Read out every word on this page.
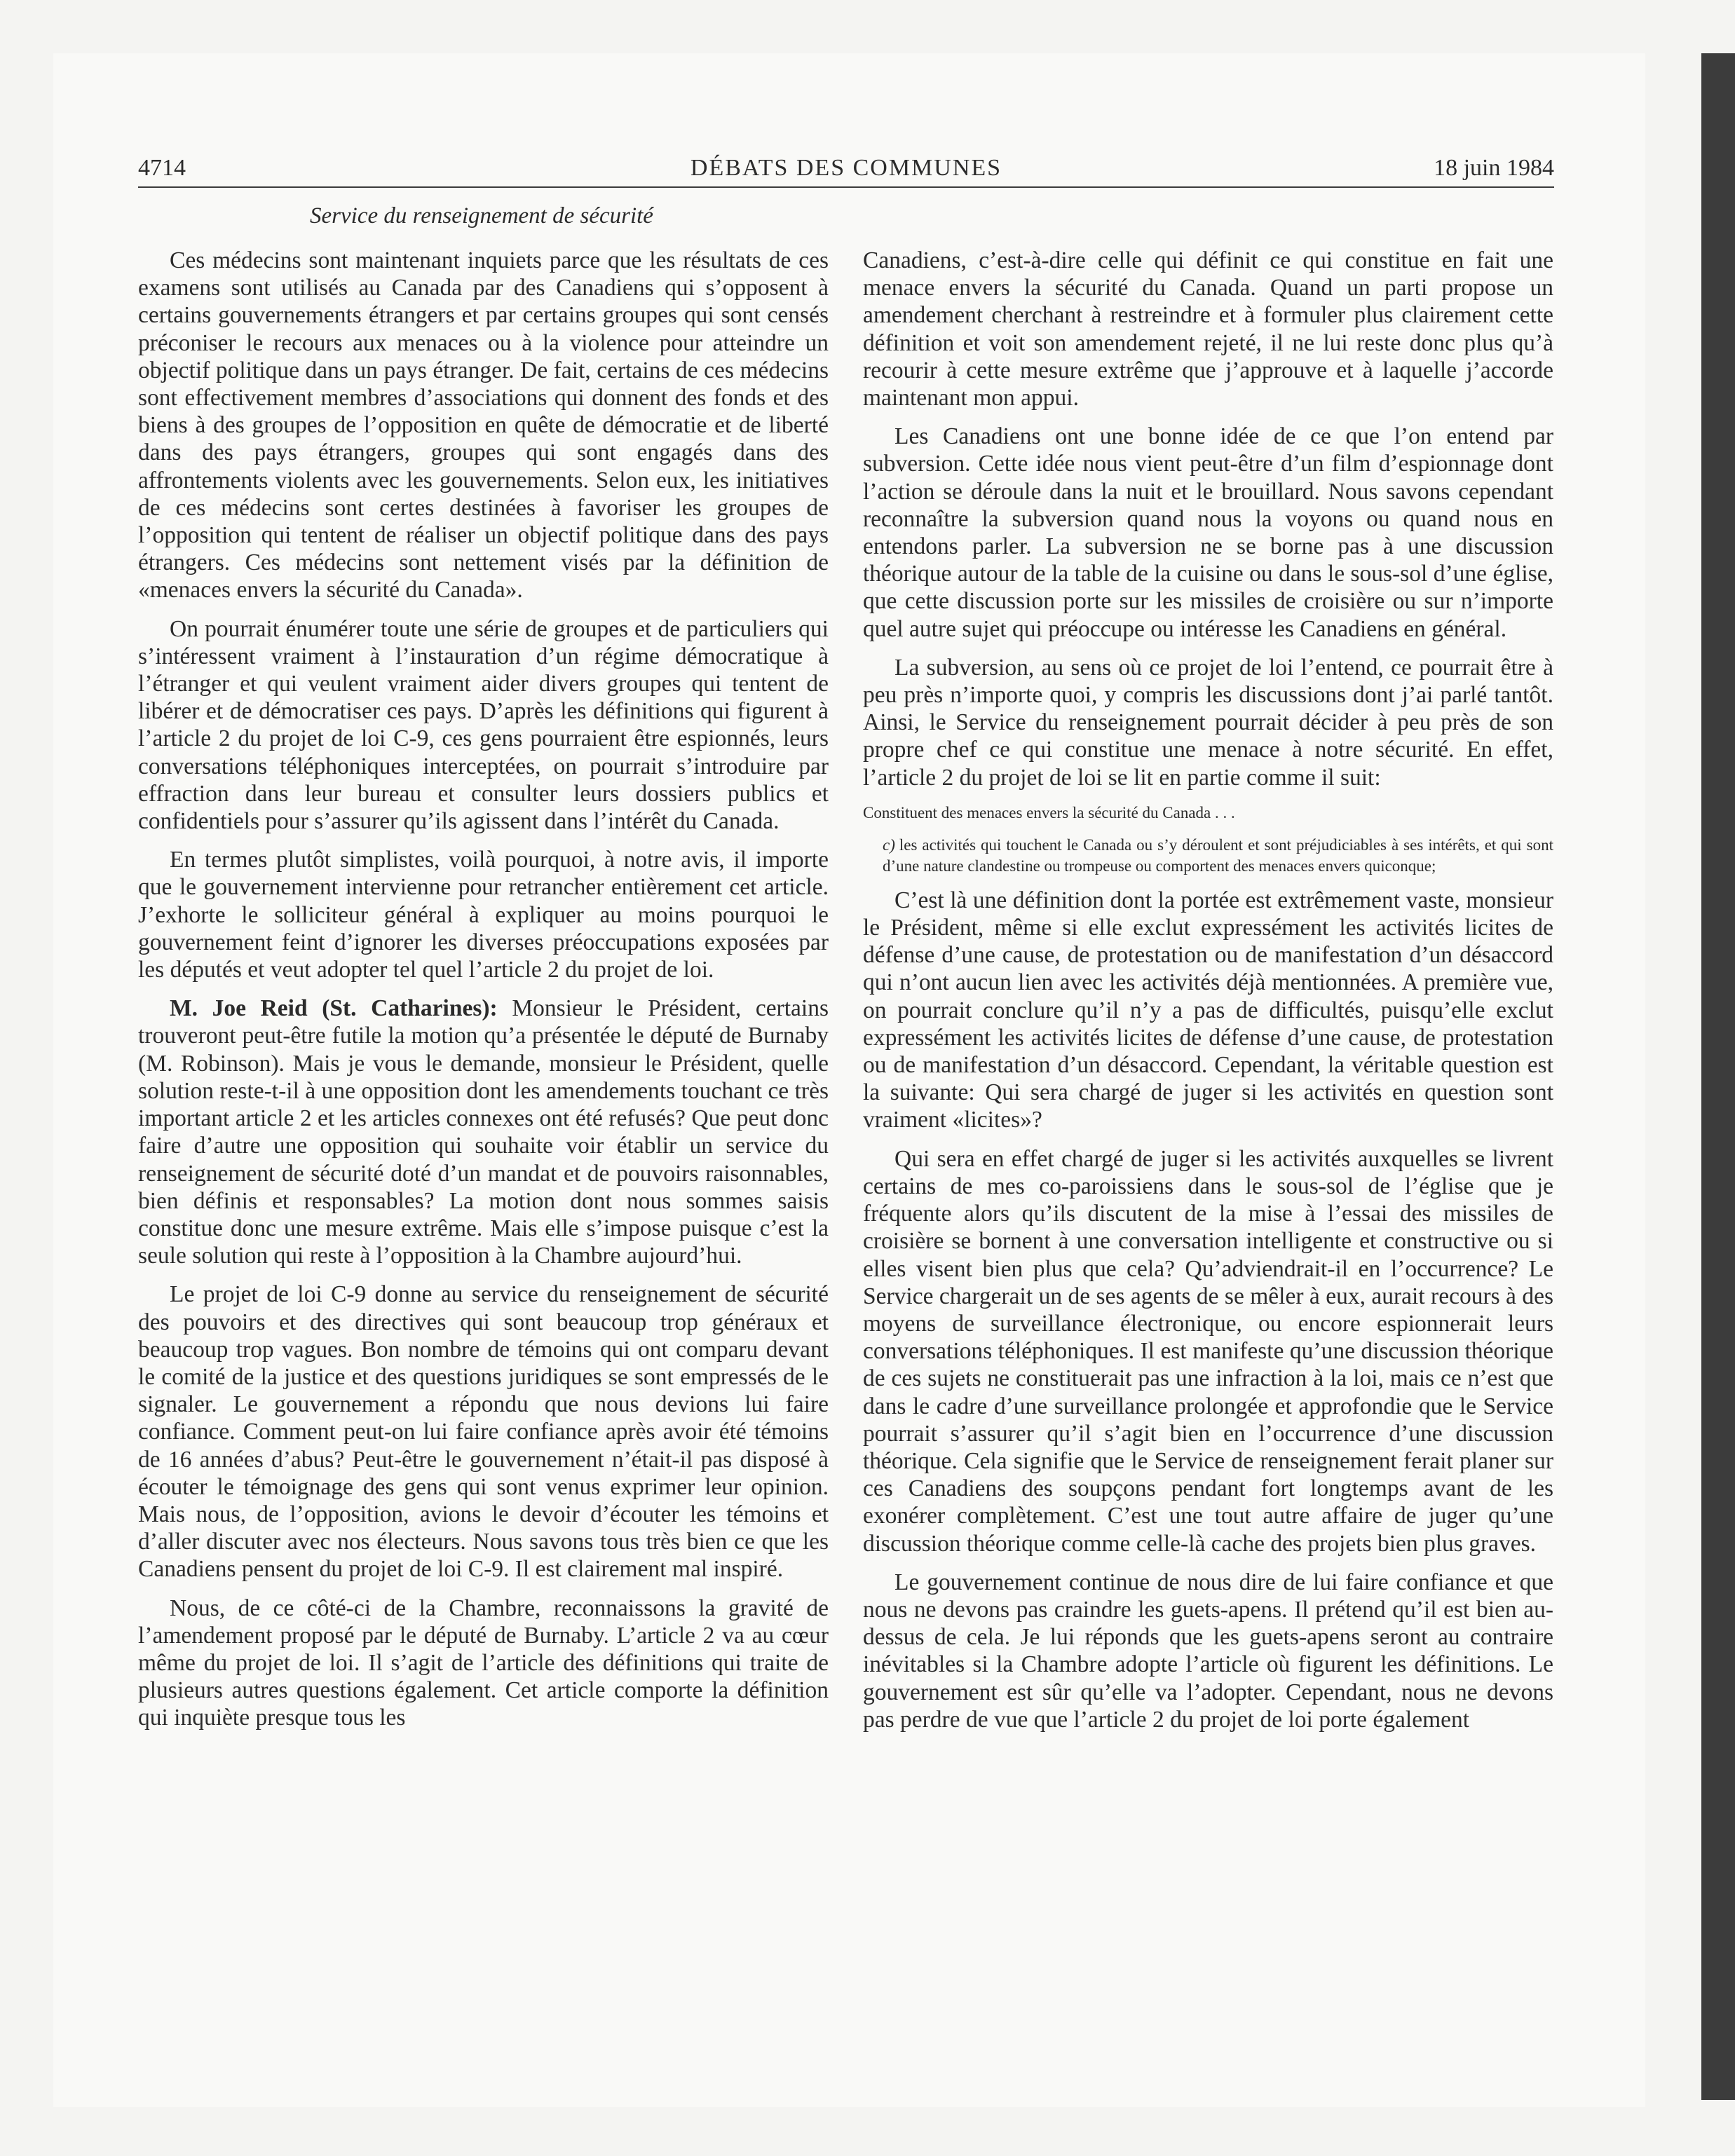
4714	DÉBATS DES COMMUNES	18 juin 1984
Service du renseignement de sécurité

Ces médecins sont maintenant inquiets parce que les résultats de ces examens sont utilisés au Canada par des Canadiens qui s’opposent à certains gouvernements étrangers et par certains groupes qui sont censés préconiser le recours aux menaces ou à la violence pour atteindre un objectif politique dans un pays étranger. De fait, certains de ces médecins sont effectivement membres d’associations qui donnent des fonds et des biens à des groupes de l’opposition en quête de démocratie et de liberté dans des pays étrangers, groupes qui sont engagés dans des affrontements violents avec les gouvernements. Selon eux, les initiatives de ces médecins sont certes destinées à favoriser les groupes de l’opposition qui tentent de réaliser un objectif politique dans des pays étrangers. Ces médecins sont nettement visés par la définition de «menaces envers la sécurité du Canada».

On pourrait énumérer toute une série de groupes et de particuliers qui s’intéressent vraiment à l’instauration d’un régime démocratique à l’étranger et qui veulent vraiment aider divers groupes qui tentent de libérer et de démocratiser ces pays. D’après les définitions qui figurent à l’article 2 du projet de loi C-9, ces gens pourraient être espionnés, leurs conversations téléphoniques interceptées, on pourrait s’introduire par effraction dans leur bureau et consulter leurs dossiers publics et confidentiels pour s’assurer qu’ils agissent dans l’intérêt du Canada.

En termes plutôt simplistes, voilà pourquoi, à notre avis, il importe que le gouvernement intervienne pour retrancher entièrement cet article. J’exhorte le solliciteur général à expliquer au moins pourquoi le gouvernement feint d’ignorer les diverses préoccupations exposées par les députés et veut adopter tel quel l’article 2 du projet de loi.

M. Joe Reid (St. Catharines): Monsieur le Président, certains trouveront peut-être futile la motion qu’a présentée le député de Burnaby (M. Robinson). Mais je vous le demande, monsieur le Président, quelle solution reste-t-il à une opposition dont les amendements touchant ce très important article 2 et les articles connexes ont été refusés? Que peut donc faire d’autre une opposition qui souhaite voir établir un service du renseignement de sécurité doté d’un mandat et de pouvoirs raisonnables, bien définis et responsables? La motion dont nous sommes saisis constitue donc une mesure extrême. Mais elle s’impose puisque c’est la seule solution qui reste à l’opposition à la Chambre aujourd’hui.

Le projet de loi C-9 donne au service du renseignement de sécurité des pouvoirs et des directives qui sont beaucoup trop généraux et beaucoup trop vagues. Bon nombre de témoins qui ont comparu devant le comité de la justice et des questions juridiques se sont empressés de le signaler. Le gouvernement a répondu que nous devions lui faire confiance. Comment peut-on lui faire confiance après avoir été témoins de 16 années d’abus? Peut-être le gouvernement n’était-il pas disposé à écouter le témoignage des gens qui sont venus exprimer leur opinion. Mais nous, de l’opposition, avions le devoir d’écouter les témoins et d’aller discuter avec nos électeurs. Nous savons tous très bien ce que les Canadiens pensent du projet de loi C-9. Il est clairement mal inspiré.

Nous, de ce côté-ci de la Chambre, reconnaissons la gravité de l’amendement proposé par le député de Burnaby. L’article 2 va au cœur même du projet de loi. Il s’agit de l’article des définitions qui traite de plusieurs autres questions également. Cet article comporte la définition qui inquiète presque tous les

Canadiens, c’est-à-dire celle qui définit ce qui constitue en fait une menace envers la sécurité du Canada. Quand un parti propose un amendement cherchant à restreindre et à formuler plus clairement cette définition et voit son amendement rejeté, il ne lui reste donc plus qu’à recourir à cette mesure extrême que j’approuve et à laquelle j’accorde maintenant mon appui.

Les Canadiens ont une bonne idée de ce que l’on entend par subversion. Cette idée nous vient peut-être d’un film d’espionnage dont l’action se déroule dans la nuit et le brouillard. Nous savons cependant reconnaître la subversion quand nous la voyons ou quand nous en entendons parler. La subversion ne se borne pas à une discussion théorique autour de la table de la cuisine ou dans le sous-sol d’une église, que cette discussion porte sur les missiles de croisière ou sur n’importe quel autre sujet qui préoccupe ou intéresse les Canadiens en général.

La subversion, au sens où ce projet de loi l’entend, ce pourrait être à peu près n’importe quoi, y compris les discussions dont j’ai parlé tantôt. Ainsi, le Service du renseignement pourrait décider à peu près de son propre chef ce qui constitue une menace à notre sécurité. En effet, l’article 2 du projet de loi se lit en partie comme il suit:

Constituent des menaces envers la sécurité du Canada . . .

c) les activités qui touchent le Canada ou s’y déroulent et sont préjudiciables à ses intérêts, et qui sont d’une nature clandestine ou trompeuse ou comportent des menaces envers quiconque;

C’est là une définition dont la portée est extrêmement vaste, monsieur le Président, même si elle exclut expressément les activités licites de défense d’une cause, de protestation ou de manifestation d’un désaccord qui n’ont aucun lien avec les activités déjà mentionnées. A première vue, on pourrait conclure qu’il n’y a pas de difficultés, puisqu’elle exclut expressément les activités licites de défense d’une cause, de protestation ou de manifestation d’un désaccord. Cependant, la véritable question est la suivante: Qui sera chargé de juger si les activités en question sont vraiment «licites»?

Qui sera en effet chargé de juger si les activités auxquelles se livrent certains de mes co-paroissiens dans le sous-sol de l’église que je fréquente alors qu’ils discutent de la mise à l’essai des missiles de croisière se bornent à une conversation intelligente et constructive ou si elles visent bien plus que cela? Qu’adviendrait-il en l’occurrence? Le Service chargerait un de ses agents de se mêler à eux, aurait recours à des moyens de surveillance électronique, ou encore espionnerait leurs conversations téléphoniques. Il est manifeste qu’une discussion théorique de ces sujets ne constituerait pas une infraction à la loi, mais ce n’est que dans le cadre d’une surveillance prolongée et approfondie que le Service pourrait s’assurer qu’il s’agit bien en l’occurrence d’une discussion théorique. Cela signifie que le Service de renseignement ferait planer sur ces Canadiens des soupçons pendant fort longtemps avant de les exonérer complètement. C’est une tout autre affaire de juger qu’une discussion théorique comme celle-là cache des projets bien plus graves.

Le gouvernement continue de nous dire de lui faire confiance et que nous ne devons pas craindre les guets-apens. Il prétend qu’il est bien au-dessus de cela. Je lui réponds que les guets-apens seront au contraire inévitables si la Chambre adopte l’article où figurent les définitions. Le gouvernement est sûr qu’elle va l’adopter. Cependant, nous ne devons pas perdre de vue que l’article 2 du projet de loi porte également
